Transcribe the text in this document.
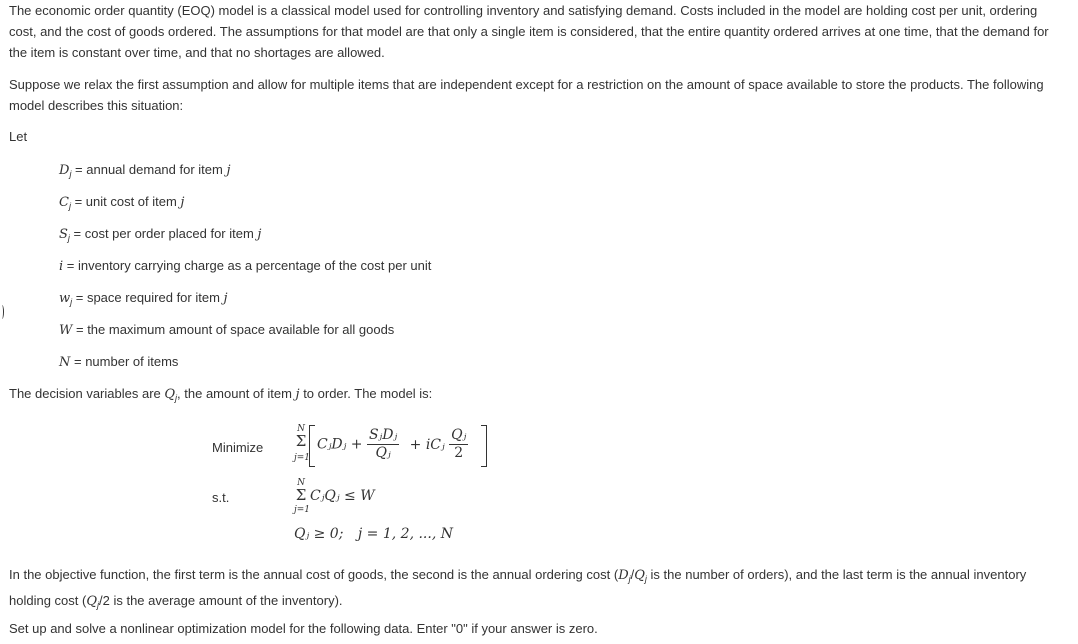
The economic order quantity (EOQ) model is a classical model used for controlling inventory and satisfying demand. Costs included in the model are holding cost per unit, ordering cost, and the cost of goods ordered. The assumptions for that model are that only a single item is considered, that the entire quantity ordered arrives at one time, that the demand for the item is constant over time, and that no shortages are allowed.

Suppose we relax the first assumption and allow for multiple items that are independent except for a restriction on the amount of space available to store the products. The following model describes this situation:

Let

$D_j$ = annual demand for item j

$C_j$ = unit cost of item j

$S_j = \cos t$ per order placed for item j

i = inventory carrying charge as a percentage of the cost per unit

$w_j$ = space required for item j

W = the maximum amount of space available for all goods

N = number of items

The decision variables are $Q_j$, the amount of item j to order. The model is:

Minimize

s.t.

N
Σ
j=1
CⱼDⱼ + $\frac{\text{SⱼDⱼ}}{\text{Qⱼ}}$ + iCⱼ $\frac{\text{Qⱼ}}{2}$
N
Σ
j=1
CⱼQⱼ ≤ W
Qⱼ ≥ 0; j = 1, 2, ..., N

In the objective function, the first term is the annual cost of goods, the second is the annual ordering cost ($D_j/Q_j$ is the number of orders), and the last term is the annual inventory holding cost ($Q_j/2$ is the average amount of the inventory).

Set up and solve a nonlinear optimization model for the following data. Enter "0" if your answer is zero.
